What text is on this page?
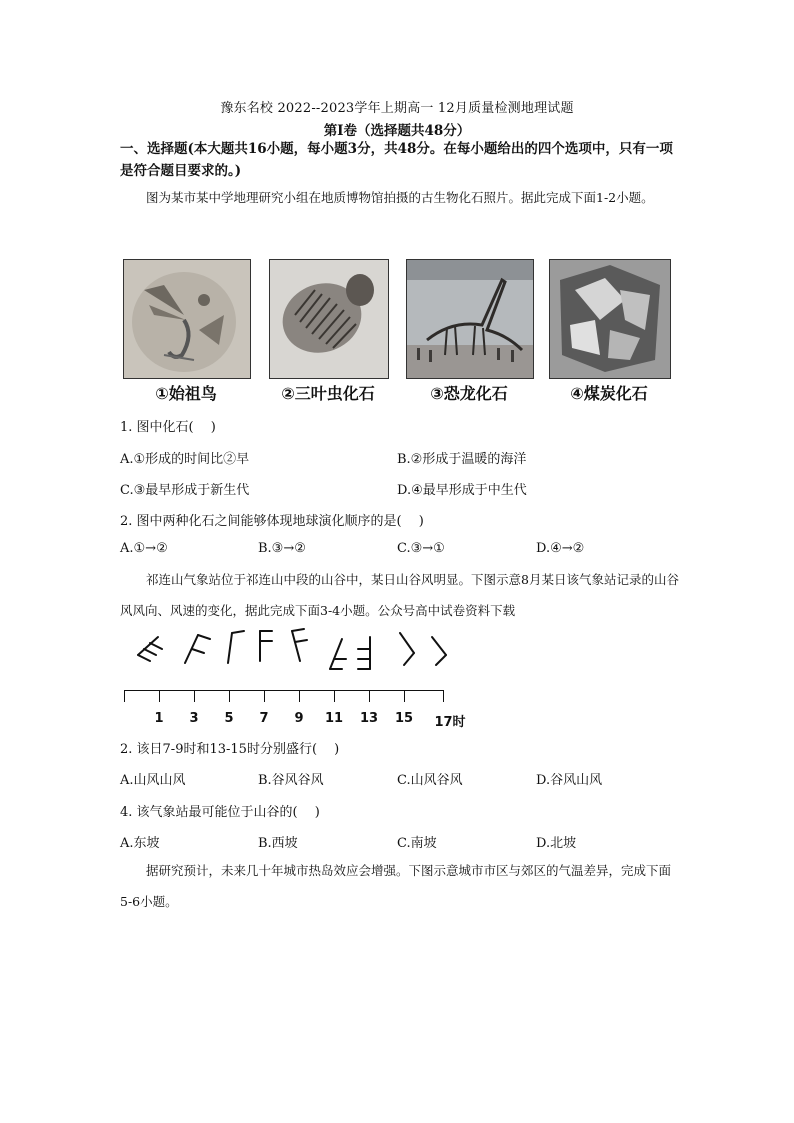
豫东名校 2022--2023学年上期高一 12月质量检测地理试题
第Ⅰ卷（选择题共48分）
一、选择题(本大题共16小题，每小题3分，共48分。在每小题给出的四个选项中，只有一项是符合题目要求的。)
图为某市某中学地理研究小组在地质博物馆拍摄的古生物化石照片。据此完成下面1-2小题。
①始祖鸟	②三叶虫化石	③恐龙化石	④煤炭化石
1. 图中化石(　 )
A.①形成的时间比②早	B.②形成于温暖的海洋
C.③最早形成于新生代	D.④最早形成于中生代
2. 图中两种化石之间能够体现地球演化顺序的是(　 )
A.①→②	B.③→②	C.③→①	D.④→②
祁连山气象站位于祁连山中段的山谷中，某日山谷风明显。下图示意8月某日该气象站记录的山谷风风向、风速的变化，据此完成下面3-4小题。公众号高中试卷资料下载
1 3 5 7 9 11 13 15 17时
2. 该日7-9时和13-15时分别盛行(　 )
A.山风山风	B.谷风谷风	C.山风谷风	D.谷风山风
4. 该气象站最可能位于山谷的(　 )
A.东坡	B.西坡	C.南坡	D.北坡
据研究预计，未来几十年城市热岛效应会增强。下图示意城市市区与郊区的气温差异，完成下面5-6小题。
